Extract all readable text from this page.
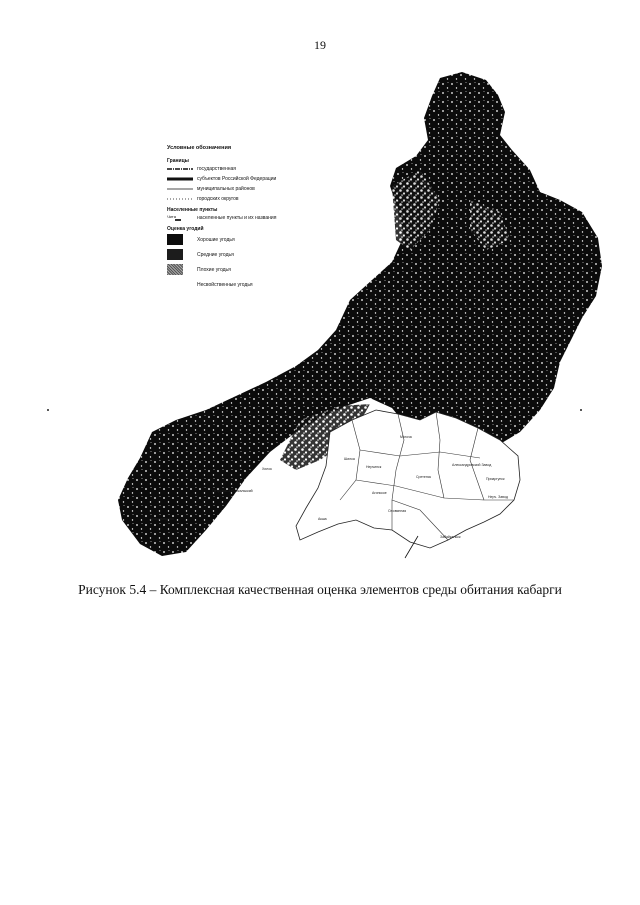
19
Могоча
Шилка
Нерчинск	Александровский Завод
Сретенск	Приаргунск
Нерч. Завод
Забайкальск
Акша
Оловянная
Агинское
Петровск-Забайкальский
Красночикойск
Хилок
Условные обозначения
Границы
государственная
субъектов Российской Федерации
муниципальных районов
городских округов
Населенные пункты
Чита	населенные пункты и их названия
Оценка угодий
Хорошие угодья
Средние угодья
Плохие угодья
Несвойственные угодья
Рисунок 5.4 – Комплексная качественная оценка элементов среды обитания кабарги
